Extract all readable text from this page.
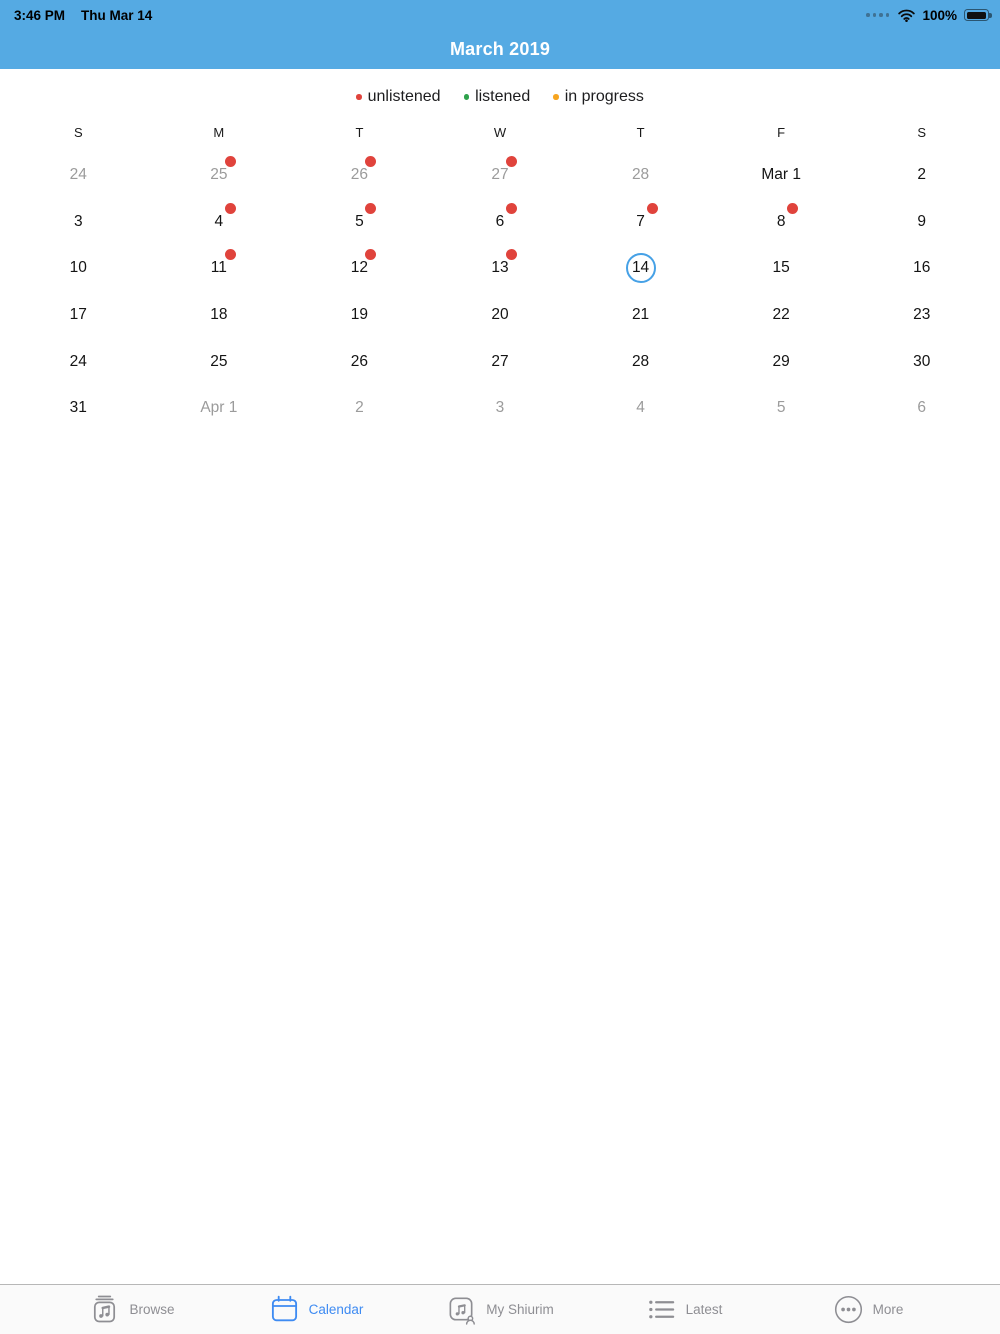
3:46 PM Thu Mar 14	100%
March 2019
unlistened listened in progress
S	M	T	W	T	F	S
24	25	26	27	28	Mar 1	2
3	4	5	6	7	8	9
10	11	12	13	14	15	16
17	18	19	20	21	22	23
24	25	26	27	28	29	30
31	Apr 1	2	3	4	5	6
Browse	Calendar	My Shiurim	Latest	More
